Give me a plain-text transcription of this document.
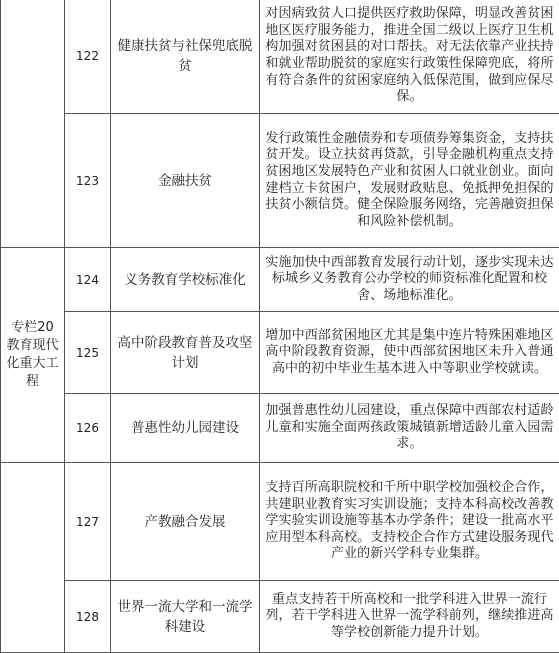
	122	健康扶贫与社保兜底脱贫	对因病致贫人口提供医疗救助保障，明显改善贫困地区医疗服务能力，推进全国二级以上医疗卫生机构加强对贫困县的对口帮扶。对无法依靠产业扶持和就业帮助脱贫的家庭实行政策性保障兜底，将所有符合条件的贫困家庭纳入低保范围，做到应保尽保。
	123	金融扶贫	发行政策性金融债券和专项债券筹集资金，支持扶贫开发。设立扶贫再贷款，引导金融机构重点支持贫困地区发展特色产业和贫困人口就业创业。面向建档立卡贫困户，发展财政贴息、免抵押免担保的扶贫小额信贷。健全保险服务网络，完善融资担保和风险补偿机制。
专栏20 教育现代化重大工程	124	义务教育学校标准化	实施加快中西部教育发展行动计划，逐步实现未达标城乡义务教育公办学校的师资标准化配置和校舍、场地标准化。
	125	高中阶段教育普及攻坚计划	增加中西部贫困地区尤其是集中连片特殊困难地区高中阶段教育资源，使中西部贫困地区未升入普通高中的初中毕业生基本进入中等职业学校就读。
	126	普惠性幼儿园建设	加强普惠性幼儿园建设，重点保障中西部农村适龄儿童和实施全面两孩政策城镇新增适龄儿童入园需求。
	127	产教融合发展	支持百所高职院校和千所中职学校加强校企合作，共建职业教育实习实训设施；支持本科高校改善教学实验实训设施等基本办学条件；建设一批高水平应用型本科高校。支持校企合作方式建设服务现代产业的新兴学科专业集群。
	128	世界一流大学和一流学科建设	重点支持若干所高校和一批学科进入世界一流行列，若干学科进入世界一流学科前列，继续推进高等学校创新能力提升计划。
